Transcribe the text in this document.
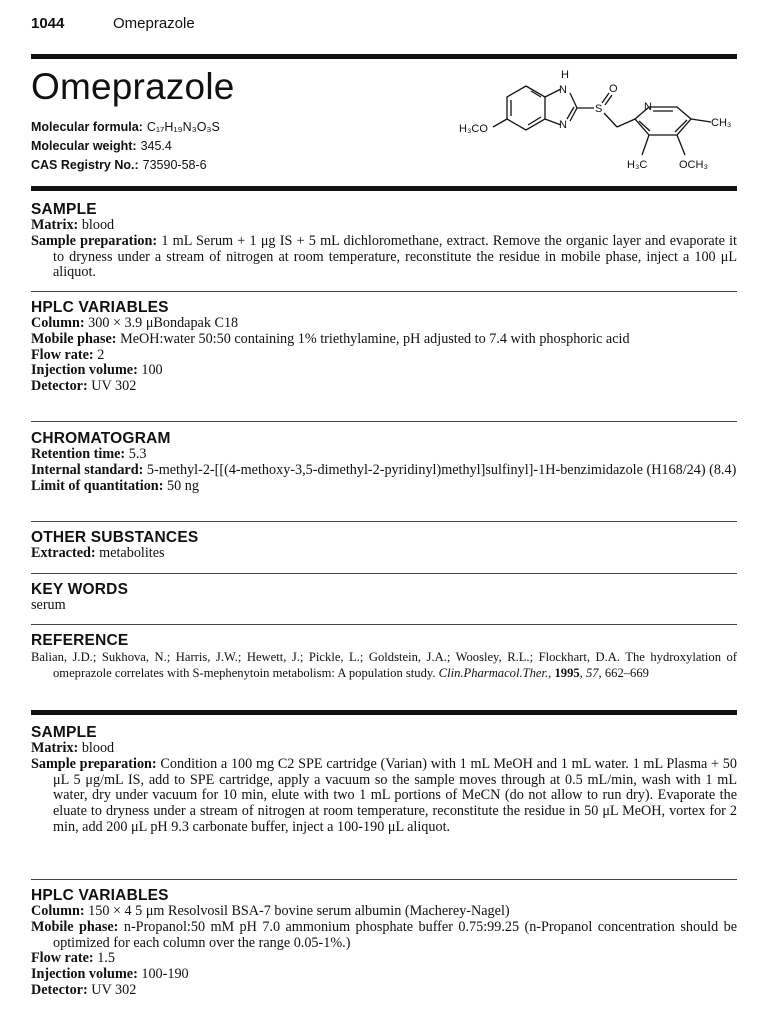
1044	Omeprazole
Omeprazole
Molecular formula: C₁₇H₁₉N₃O₃S
Molecular weight: 345.4
CAS Registry No.: 73590-58-6
H
N
N
S
O
N
H₃CO	CH₃
H₃C	OCH₃
SAMPLE
Matrix: blood
Sample preparation: 1 mL Serum + 1 μg IS + 5 mL dichloromethane, extract. Remove the organic layer and evaporate it to dryness under a stream of nitrogen at room temperature, reconstitute the residue in mobile phase, inject a 100 μL aliquot.
HPLC VARIABLES
Column: 300 × 3.9 μBondapak C18
Mobile phase: MeOH:water 50:50 containing 1% triethylamine, pH adjusted to 7.4 with phosphoric acid
Flow rate: 2
Injection volume: 100
Detector: UV 302
CHROMATOGRAM
Retention time: 5.3
Internal standard: 5-methyl-2-[[(4-methoxy-3,5-dimethyl-2-pyridinyl)methyl]sulfinyl]-1H-benzimidazole (H168/24) (8.4)
Limit of quantitation: 50 ng
OTHER SUBSTANCES
Extracted: metabolites
KEY WORDS
serum
REFERENCE
Balian, J.D.; Sukhova, N.; Harris, J.W.; Hewett, J.; Pickle, L.; Goldstein, J.A.; Woosley, R.L.; Flockhart, D.A. The hydroxylation of omeprazole correlates with S-mephenytoin metabolism: A population study. Clin.Pharmacol.Ther., 1995, 57, 662–669
SAMPLE
Matrix: blood
Sample preparation: Condition a 100 mg C2 SPE cartridge (Varian) with 1 mL MeOH and 1 mL water. 1 mL Plasma + 50 μL 5 μg/mL IS, add to SPE cartridge, apply a vacuum so the sample moves through at 0.5 mL/min, wash with 1 mL water, dry under vacuum for 10 min, elute with two 1 mL portions of MeCN (do not allow to run dry). Evaporate the eluate to dryness under a stream of nitrogen at room temperature, reconstitute the residue in 50 μL MeOH, vortex for 2 min, add 200 μL pH 9.3 carbonate buffer, inject a 100-190 μL aliquot.
HPLC VARIABLES
Column: 150 × 4 5 μm Resolvosil BSA-7 bovine serum albumin (Macherey-Nagel)
Mobile phase: n-Propanol:50 mM pH 7.0 ammonium phosphate buffer 0.75:99.25 (n-Propanol concentration should be optimized for each column over the range 0.05-1%.)
Flow rate: 1.5
Injection volume: 100-190
Detector: UV 302
